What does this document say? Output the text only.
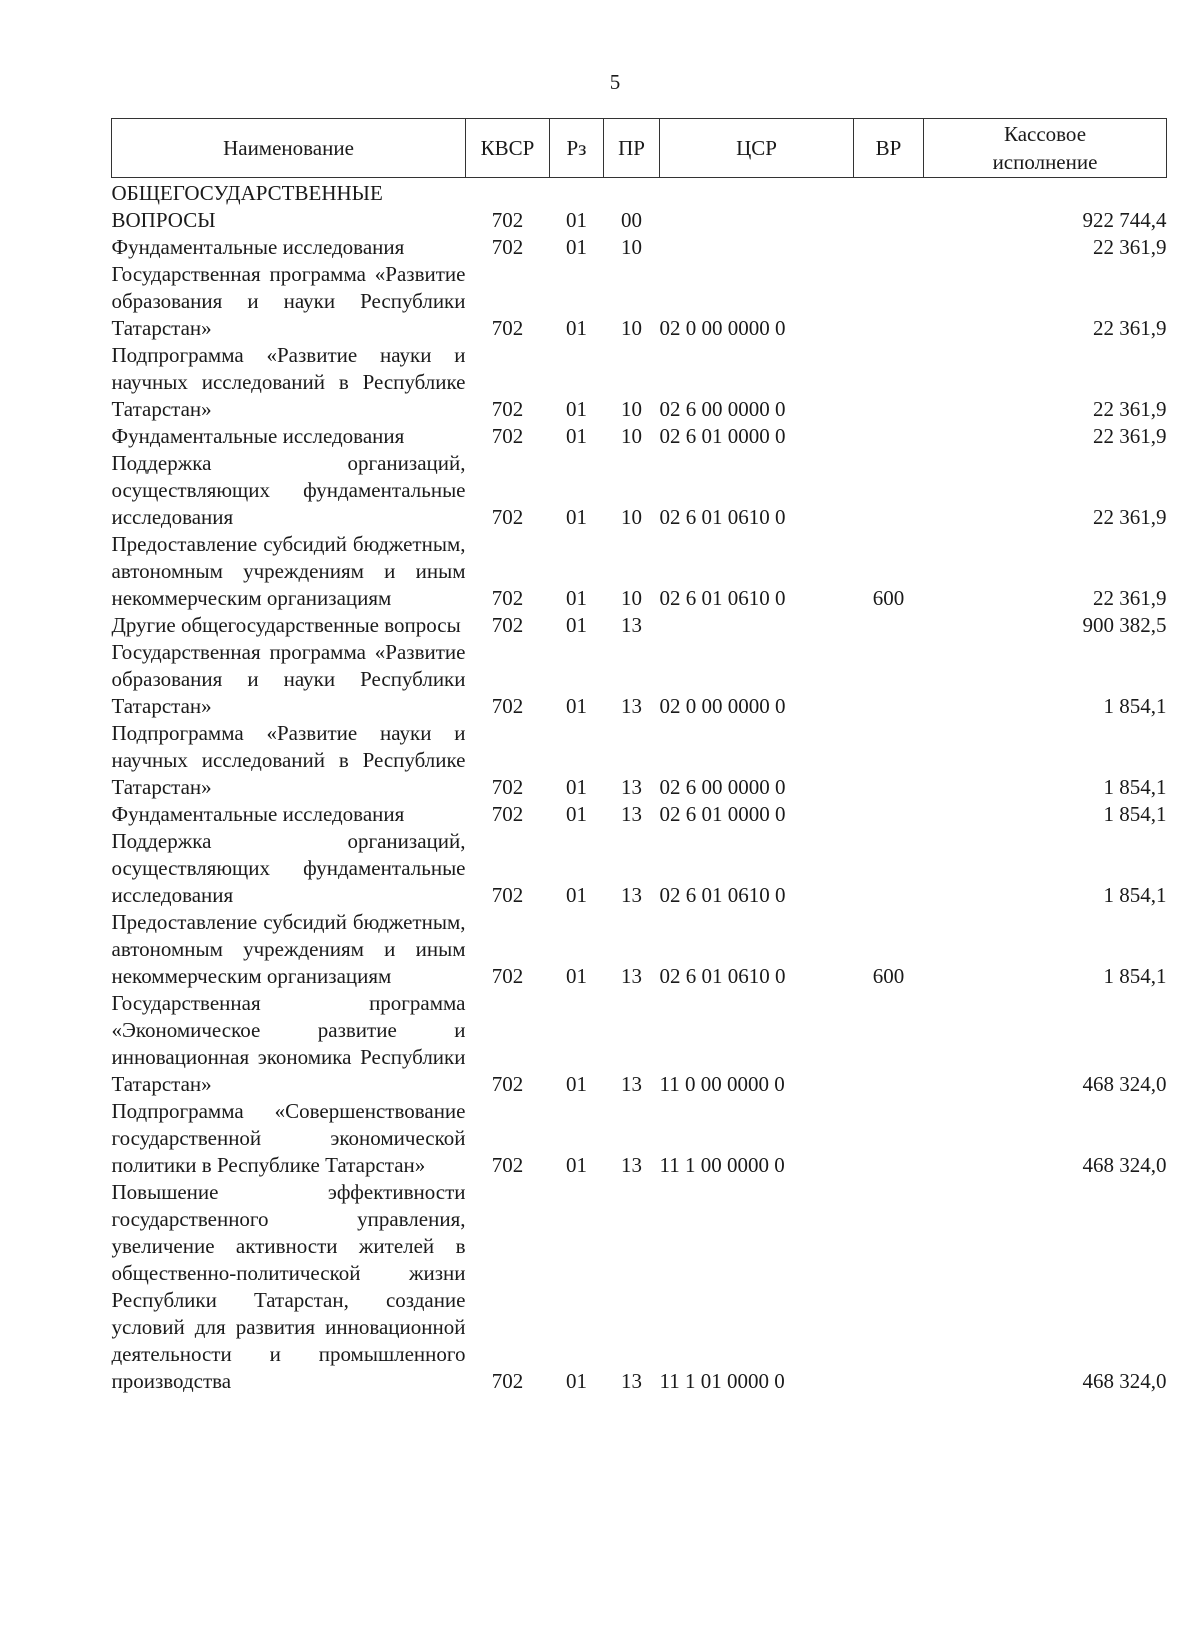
5
Наименование	КВСР	Рз	ПР	ЦСР	ВР	Кассовое исполнение
ОБЩЕГОСУДАРСТВЕННЫЕ ВОПРОСЫ	702	01	00			922 744,4
Фундаментальные исследования	702	01	10			22 361,9
Государственная программа «Развитие образования и науки Республики Татарстан»	702	01	10	02 0 00 0000 0		22 361,9
Подпрограмма «Развитие науки и научных исследований в Республике Татарстан»	702	01	10	02 6 00 0000 0		22 361,9
Фундаментальные исследования	702	01	10	02 6 01 0000 0		22 361,9
Поддержка организаций, осуществляющих фундаментальные исследования	702	01	10	02 6 01 0610 0		22 361,9
Предоставление субсидий бюджетным, автономным учреждениям и иным некоммерческим организациям	702	01	10	02 6 01 0610 0	600	22 361,9
Другие общегосударственные вопросы	702	01	13			900 382,5
Государственная программа «Развитие образования и науки Республики Татарстан»	702	01	13	02 0 00 0000 0		1 854,1
Подпрограмма «Развитие науки и научных исследований в Республике Татарстан»	702	01	13	02 6 00 0000 0		1 854,1
Фундаментальные исследования	702	01	13	02 6 01 0000 0		1 854,1
Поддержка организаций, осуществляющих фундаментальные исследования	702	01	13	02 6 01 0610 0		1 854,1
Предоставление субсидий бюджетным, автономным учреждениям и иным некоммерческим организациям	702	01	13	02 6 01 0610 0	600	1 854,1
Государственная программа «Экономическое развитие и инновационная экономика Республики Татарстан»	702	01	13	11 0 00 0000 0		468 324,0
Подпрограмма «Совершенствование государственной экономической политики в Республике Татарстан»	702	01	13	11 1 00 0000 0		468 324,0
Повышение эффективности государственного управления, увеличение активности жителей в общественно-политической жизни Республики Татарстан, создание условий для развития инновационной деятельности и промышленного производства	702	01	13	11 1 01 0000 0		468 324,0
